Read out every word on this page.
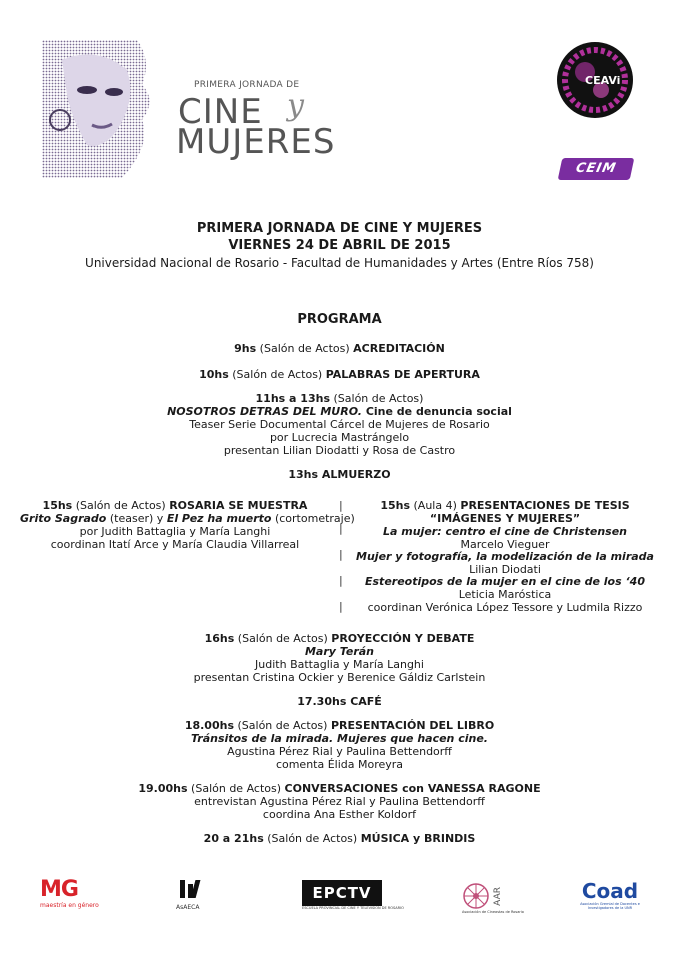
PRIMERA JORNADA DE
CINE y
MUJERES
CEAVi
CEIM
PRIMERA JORNADA DE CINE Y MUJERES
VIERNES 24 DE ABRIL DE 2015
Universidad Nacional de Rosario - Facultad de Humanidades y Artes (Entre Ríos 758)
PROGRAMA
9hs (Salón de Actos) ACREDITACIÓN
10hs (Salón de Actos) PALABRAS DE APERTURA
11hs a 13hs (Salón de Actos)
NOSOTROS DETRAS DEL MURO. Cine de denuncia social
Teaser Serie Documental Cárcel de Mujeres de Rosario
por Lucrecia Mastrángelo
presentan Lilian Diodatti y Rosa de Castro
13hs ALMUERZO
15hs (Salón de Actos) ROSARIA SE MUESTRA
Grito Sagrado (teaser) y El Pez ha muerto (cortometraje)
por Judith Battaglia y María Langhi
coordinan Itatí Arce y María Claudia Villarreal
|
|
|
|
|
15hs (Aula 4) PRESENTACIONES DE TESIS
“IMÁGENES Y MUJERES”
La mujer: centro el cine de Christensen
Marcelo Vieguer
Mujer y fotografía, la modelización de la mirada
Lilian Diodati
Estereotipos de la mujer en el cine de los ‘40
Leticia Maróstica
coordinan Verónica López Tessore y Ludmila Rizzo
16hs (Salón de Actos) PROYECCIÓN Y DEBATE
Mary Terán
Judith Battaglia y María Langhi
presentan Cristina Ockier y Berenice Gáldiz Carlstein
17.30hs CAFÉ
18.00hs (Salón de Actos) PRESENTACIÓN DEL LIBRO
Tránsitos de la mirada. Mujeres que hacen cine.
Agustina Pérez Rial y Paulina Bettendorff
comenta Élida Moreyra
19.00hs (Salón de Actos) CONVERSACIONES con VANESSA RAGONE
entrevistan Agustina Pérez Rial y Paulina Bettendorff
coordina Ana Esther Koldorf
20 a 21hs (Salón de Actos) MÚSICA y BRINDIS
MG
maestría en género	AsAECA
EPCTV
ESCUELA PROVINCIAL DE CINE Y TELEVISIÓN DE ROSARIO
AAR
Asociación de Cineastas de Rosario
Coad
Asociación Gremial de Docentes e Investigadores de la UNR
